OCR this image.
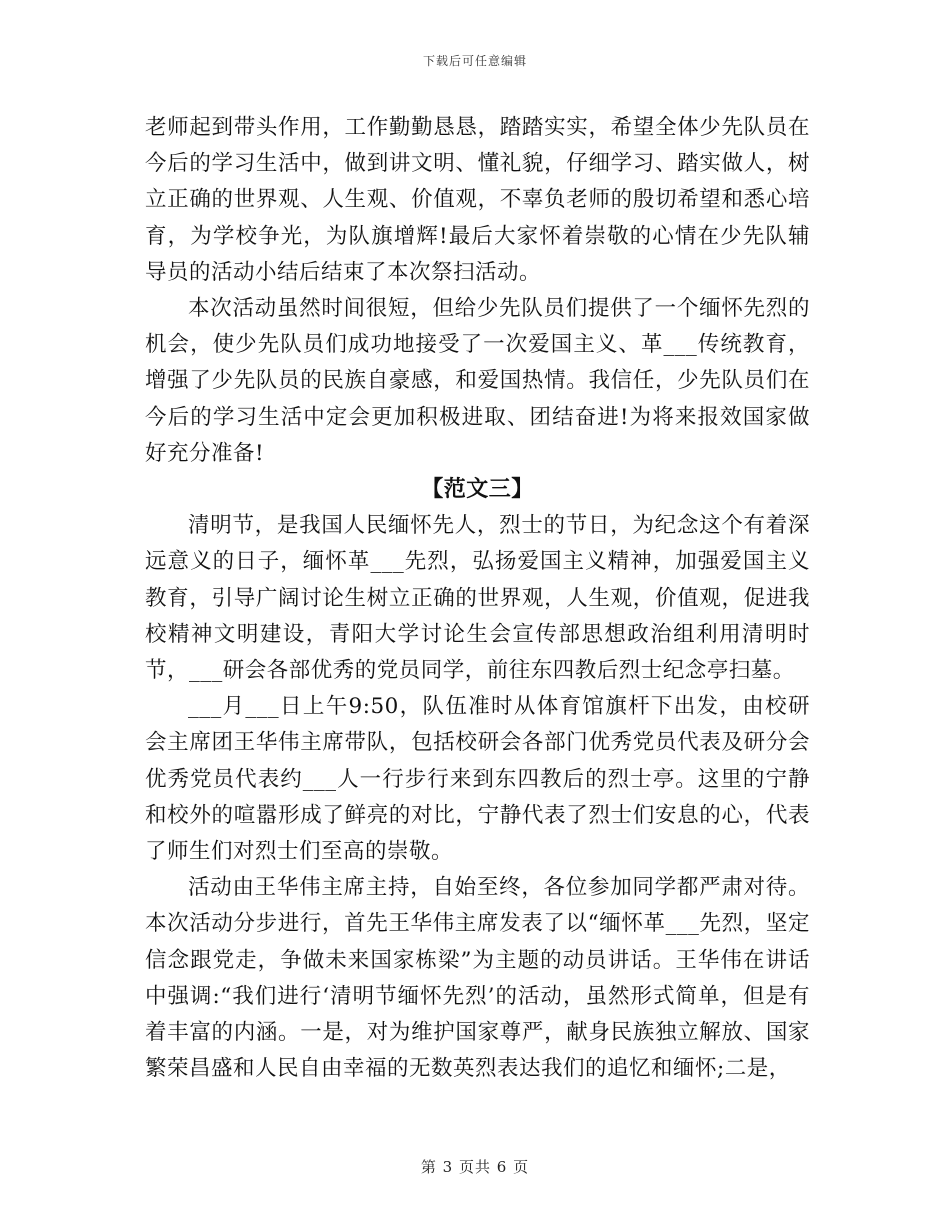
下载后可任意编辑

老师起到带头作用，工作勤勤恳恳，踏踏实实，希望全体少先队员在今后的学习生活中，做到讲文明、懂礼貌，仔细学习、踏实做人，树立正确的世界观、人生观、价值观，不辜负老师的殷切希望和悉心培育，为学校争光，为队旗增辉!最后大家怀着崇敬的心情在少先队辅导员的活动小结后结束了本次祭扫活动。

本次活动虽然时间很短，但给少先队员们提供了一个缅怀先烈的机会，使少先队员们成功地接受了一次爱国主义、革___传统教育，增强了少先队员的民族自豪感，和爱国热情。我信任，少先队员们在今后的学习生活中定会更加积极进取、团结奋进!为将来报效国家做好充分准备!

【范文三】

清明节，是我国人民缅怀先人，烈士的节日，为纪念这个有着深远意义的日子，缅怀革___先烈，弘扬爱国主义精神，加强爱国主义教育，引导广阔讨论生树立正确的世界观，人生观，价值观，促进我校精神文明建设，青阳大学讨论生会宣传部思想政治组利用清明时节，___研会各部优秀的党员同学，前往东四教后烈士纪念亭扫墓。

___月___日上午9:50，队伍准时从体育馆旗杆下出发，由校研会主席团王华伟主席带队，包括校研会各部门优秀党员代表及研分会优秀党员代表约___人一行步行来到东四教后的烈士亭。这里的宁静和校外的喧嚣形成了鲜亮的对比，宁静代表了烈士们安息的心，代表了师生们对烈士们至高的崇敬。

活动由王华伟主席主持，自始至终，各位参加同学都严肃对待。本次活动分步进行，首先王华伟主席发表了以“缅怀革___先烈，坚定信念跟党走，争做未来国家栋梁”为主题的动员讲话。王华伟在讲话中强调:“我们进行‘清明节缅怀先烈’的活动，虽然形式简单，但是有着丰富的内涵。一是，对为维护国家尊严，献身民族独立解放、国家繁荣昌盛和人民自由幸福的无数英烈表达我们的追忆和缅怀;二是，

第 3 页共 6 页
